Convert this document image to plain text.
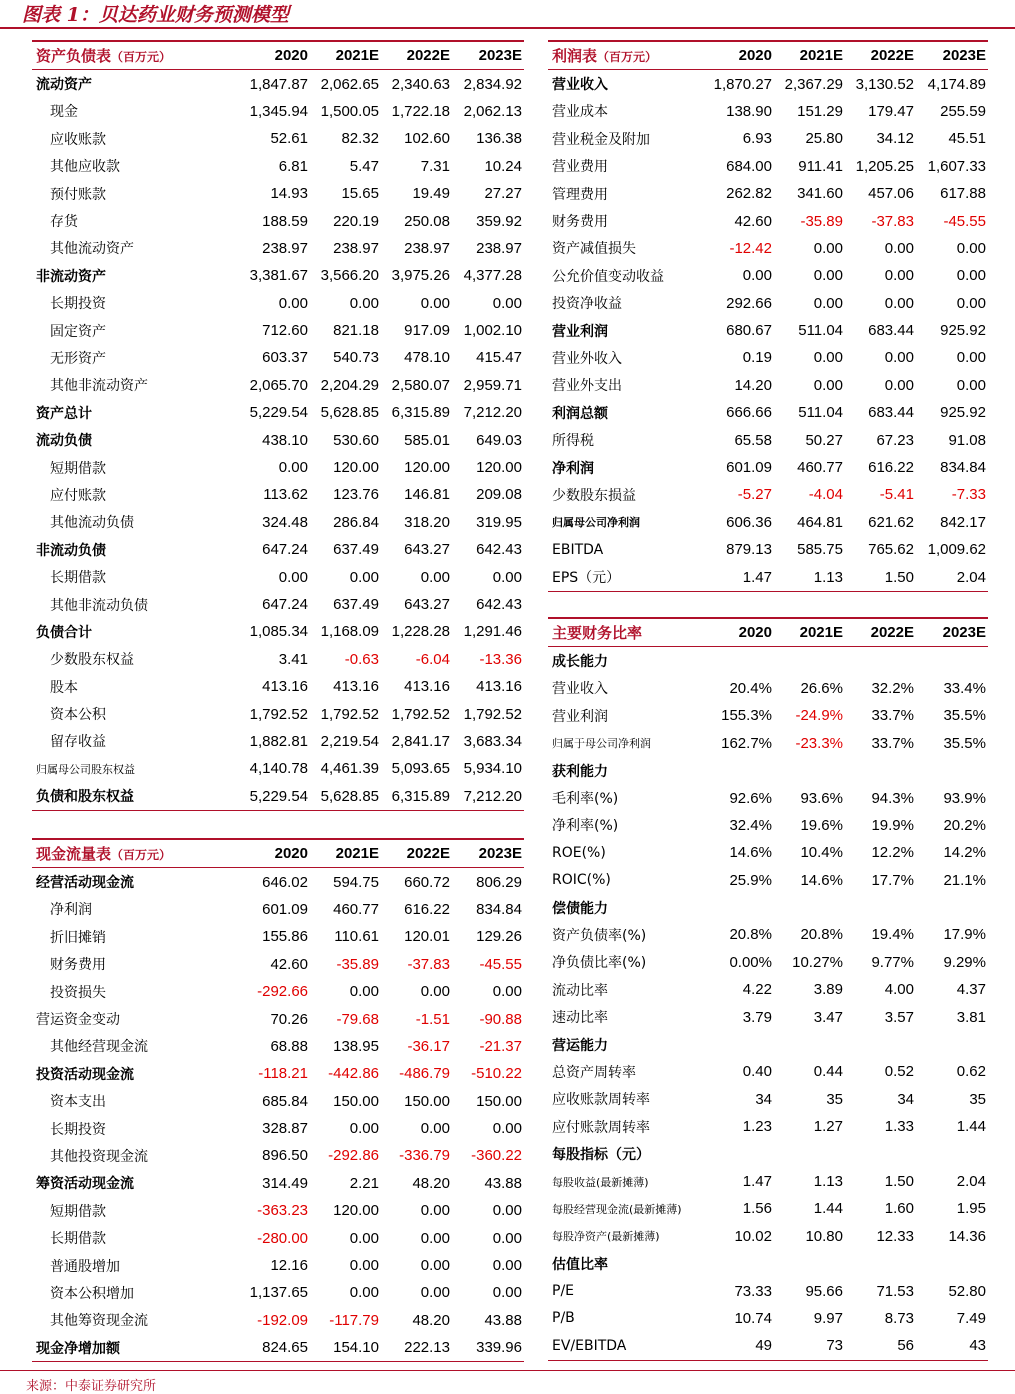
图表 1：贝达药业财务预测模型
资产负债表（百万元）	2020	2021E	2022E	2023E
流动资产	1,847.87	2,062.65	2,340.63	2,834.92
现金	1,345.94	1,500.05	1,722.18	2,062.13
应收账款	52.61	82.32	102.60	136.38
其他应收款	6.81	5.47	7.31	10.24
预付账款	14.93	15.65	19.49	27.27
存货	188.59	220.19	250.08	359.92
其他流动资产	238.97	238.97	238.97	238.97
非流动资产	3,381.67	3,566.20	3,975.26	4,377.28
长期投资	0.00	0.00	0.00	0.00
固定资产	712.60	821.18	917.09	1,002.10
无形资产	603.37	540.73	478.10	415.47
其他非流动资产	2,065.70	2,204.29	2,580.07	2,959.71
资产总计	5,229.54	5,628.85	6,315.89	7,212.20
流动负债	438.10	530.60	585.01	649.03
短期借款	0.00	120.00	120.00	120.00
应付账款	113.62	123.76	146.81	209.08
其他流动负债	324.48	286.84	318.20	319.95
非流动负债	647.24	637.49	643.27	642.43
长期借款	0.00	0.00	0.00	0.00
其他非流动负债	647.24	637.49	643.27	642.43
负债合计	1,085.34	1,168.09	1,228.28	1,291.46
少数股东权益	3.41	-0.63	-6.04	-13.36
股本	413.16	413.16	413.16	413.16
资本公积	1,792.52	1,792.52	1,792.52	1,792.52
留存收益	1,882.81	2,219.54	2,841.17	3,683.34
归属母公司股东权益	4,140.78	4,461.39	5,093.65	5,934.10
负债和股东权益	5,229.54	5,628.85	6,315.89	7,212.20
现金流量表（百万元）	2020	2021E	2022E	2023E
经营活动现金流	646.02	594.75	660.72	806.29
净利润	601.09	460.77	616.22	834.84
折旧摊销	155.86	110.61	120.01	129.26
财务费用	42.60	-35.89	-37.83	-45.55
投资损失	-292.66	0.00	0.00	0.00
营运资金变动	70.26	-79.68	-1.51	-90.88
其他经营现金流	68.88	138.95	-36.17	-21.37
投资活动现金流	-118.21	-442.86	-486.79	-510.22
资本支出	685.84	150.00	150.00	150.00
长期投资	328.87	0.00	0.00	0.00
其他投资现金流	896.50	-292.86	-336.79	-360.22
筹资活动现金流	314.49	2.21	48.20	43.88
短期借款	-363.23	120.00	0.00	0.00
长期借款	-280.00	0.00	0.00	0.00
普通股增加	12.16	0.00	0.00	0.00
资本公积增加	1,137.65	0.00	0.00	0.00
其他筹资现金流	-192.09	-117.79	48.20	43.88
现金净增加额	824.65	154.10	222.13	339.96
利润表（百万元）	2020	2021E	2022E	2023E
营业收入	1,870.27	2,367.29	3,130.52	4,174.89
营业成本	138.90	151.29	179.47	255.59
营业税金及附加	6.93	25.80	34.12	45.51
营业费用	684.00	911.41	1,205.25	1,607.33
管理费用	262.82	341.60	457.06	617.88
财务费用	42.60	-35.89	-37.83	-45.55
资产减值损失	-12.42	0.00	0.00	0.00
公允价值变动收益	0.00	0.00	0.00	0.00
投资净收益	292.66	0.00	0.00	0.00
营业利润	680.67	511.04	683.44	925.92
营业外收入	0.19	0.00	0.00	0.00
营业外支出	14.20	0.00	0.00	0.00
利润总额	666.66	511.04	683.44	925.92
所得税	65.58	50.27	67.23	91.08
净利润	601.09	460.77	616.22	834.84
少数股东损益	-5.27	-4.04	-5.41	-7.33
归属母公司净利润	606.36	464.81	621.62	842.17
EBITDA	879.13	585.75	765.62	1,009.62
EPS（元）	1.47	1.13	1.50	2.04
主要财务比率	2020	2021E	2022E	2023E
成长能力				
营业收入	20.4%	26.6%	32.2%	33.4%
营业利润	155.3%	-24.9%	33.7%	35.5%
归属于母公司净利润	162.7%	-23.3%	33.7%	35.5%
获利能力				
毛利率(%)	92.6%	93.6%	94.3%	93.9%
净利率(%)	32.4%	19.6%	19.9%	20.2%
ROE(%)	14.6%	10.4%	12.2%	14.2%
ROIC(%)	25.9%	14.6%	17.7%	21.1%
偿债能力				
资产负债率(%)	20.8%	20.8%	19.4%	17.9%
净负债比率(%)	0.00%	10.27%	9.77%	9.29%
流动比率	4.22	3.89	4.00	4.37
速动比率	3.79	3.47	3.57	3.81
营运能力				
总资产周转率	0.40	0.44	0.52	0.62
应收账款周转率	34	35	34	35
应付账款周转率	1.23	1.27	1.33	1.44
每股指标（元）				
每股收益(最新摊薄)	1.47	1.13	1.50	2.04
每股经营现金流(最新摊薄)	1.56	1.44	1.60	1.95
每股净资产(最新摊薄)	10.02	10.80	12.33	14.36
估值比率				
P/E	73.33	95.66	71.53	52.80
P/B	10.74	9.97	8.73	7.49
EV/EBITDA	49	73	56	43
来源：中泰证券研究所
